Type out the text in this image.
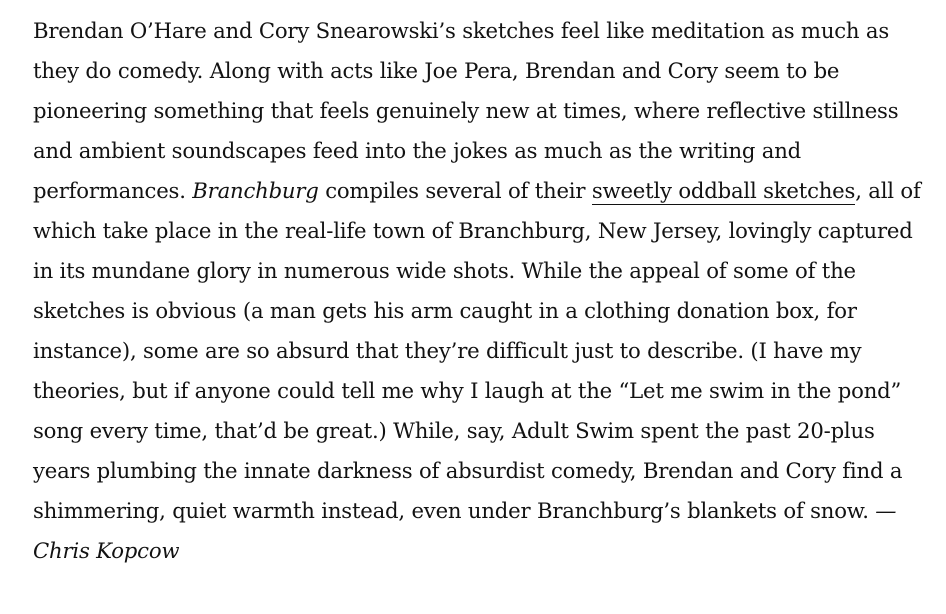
Brendan O’Hare and Cory Snearowski’s sketches feel like meditation as much as they do comedy. Along with acts like Joe Pera, Brendan and Cory seem to be pioneering something that feels genuinely new at times, where reflective stillness and ambient soundscapes feed into the jokes as much as the writing and performances. Branchburg compiles several of their sweetly oddball sketches, all of which take place in the real-life town of Branchburg, New Jersey, lovingly captured in its mundane glory in numerous wide shots. While the appeal of some of the sketches is obvious (a man gets his arm caught in a clothing donation box, for instance), some are so absurd that they’re difficult just to describe. (I have my theories, but if anyone could tell me why I laugh at the “Let me swim in the pond” song every time, that’d be great.) While, say, Adult Swim spent the past 20-plus years plumbing the innate darkness of absurdist comedy, Brendan and Cory find a shimmering, quiet warmth instead, even under Branchburg’s blankets of snow. —Chris Kopcow
